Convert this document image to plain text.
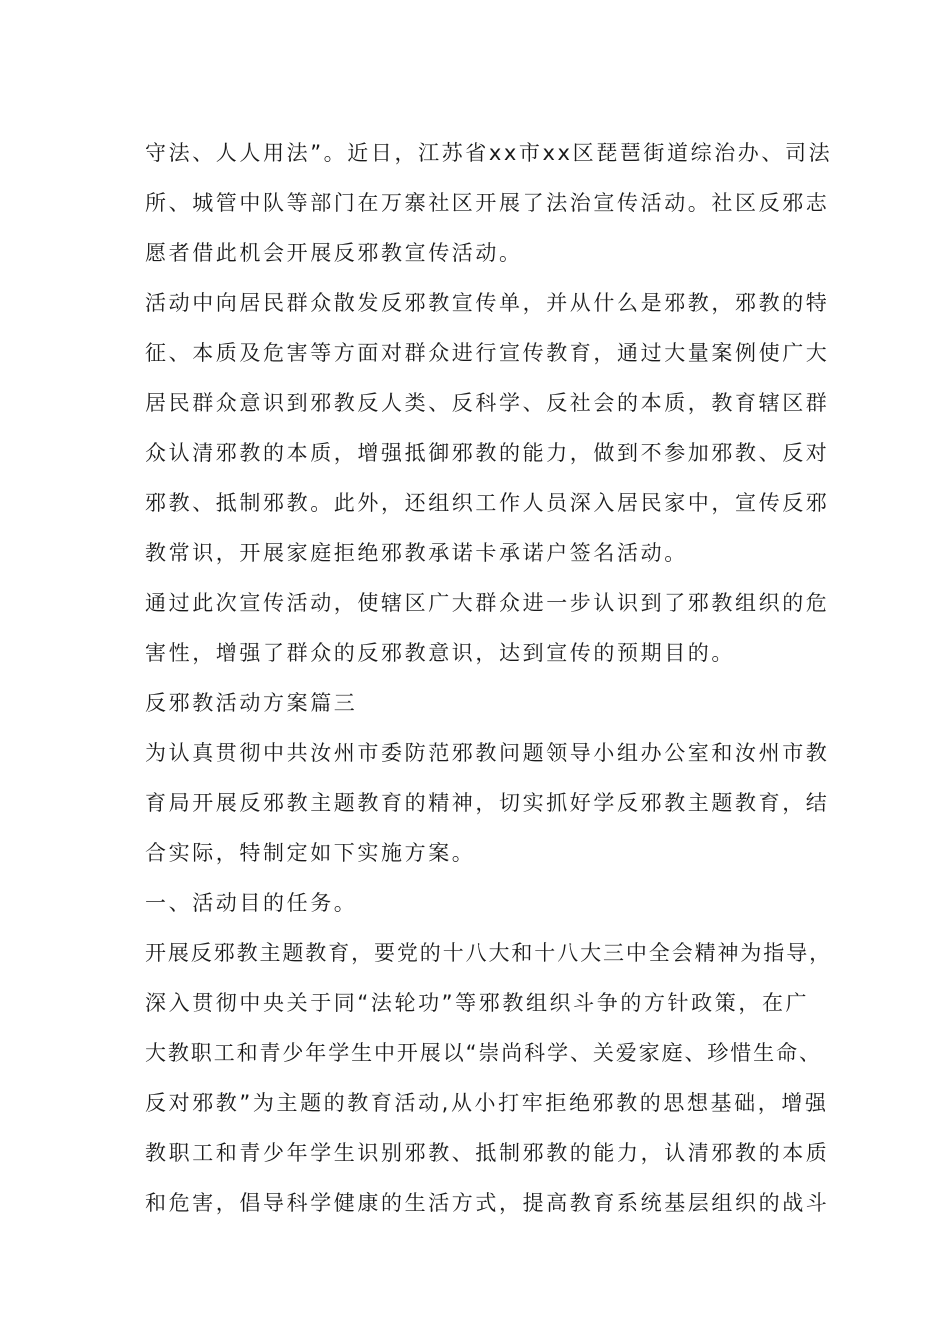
守法、人人用法”。近日，江苏省xx市xx区琵琶街道综治办、司法
所、城管中队等部门在万寨社区开展了法治宣传活动。社区反邪志
愿者借此机会开展反邪教宣传活动。
活动中向居民群众散发反邪教宣传单，并从什么是邪教，邪教的特
征、本质及危害等方面对群众进行宣传教育，通过大量案例使广大
居民群众意识到邪教反人类、反科学、反社会的本质，教育辖区群
众认清邪教的本质，增强抵御邪教的能力，做到不参加邪教、反对
邪教、抵制邪教。此外，还组织工作人员深入居民家中，宣传反邪
教常识，开展家庭拒绝邪教承诺卡承诺户签名活动。
通过此次宣传活动，使辖区广大群众进一步认识到了邪教组织的危
害性，增强了群众的反邪教意识，达到宣传的预期目的。
反邪教活动方案篇三
为认真贯彻中共汝州市委防范邪教问题领导小组办公室和汝州市教
育局开展反邪教主题教育的精神，切实抓好学反邪教主题教育，结
合实际，特制定如下实施方案。
一、活动目的任务。
开展反邪教主题教育，要党的十八大和十八大三中全会精神为指导，
深入贯彻中央关于同“法轮功”等邪教组织斗争的方针政策，在广
大教职工和青少年学生中开展以“崇尚科学、关爱家庭、珍惜生命、
反对邪教”为主题的教育活动,从小打牢拒绝邪教的思想基础，增强
教职工和青少年学生识别邪教、抵制邪教的能力，认清邪教的本质
和危害，倡导科学健康的生活方式，提高教育系统基层组织的战斗
